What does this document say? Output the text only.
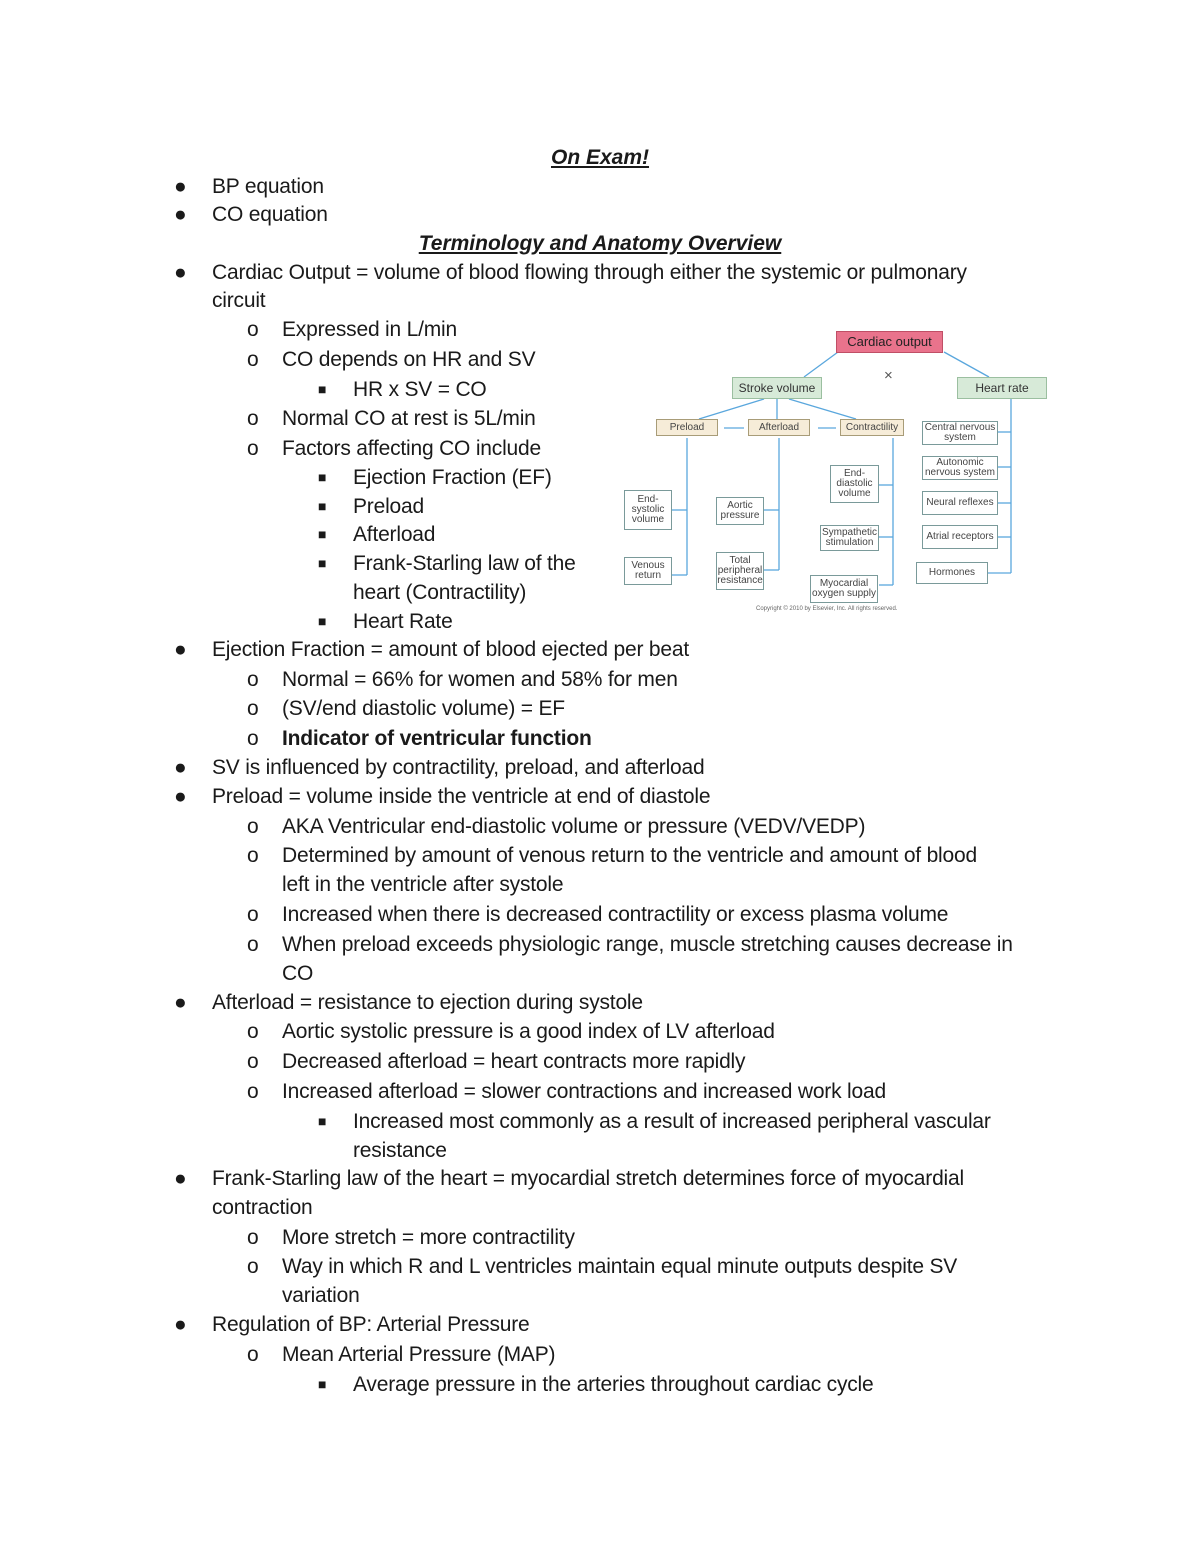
On Exam!
● BP equation
● CO equation
Terminology and Anatomy Overview
● Cardiac Output = volume of blood flowing through either the systemic or pulmonary
circuit
o Expressed in L/min
o CO depends on HR and SV
■ HR x SV = CO
o Normal CO at rest is 5L/min
o Factors affecting CO include
■ Ejection Fraction (EF)
■ Preload
■ Afterload
■ Frank-Starling law of the
heart (Contractility)
■ Heart Rate
● Ejection Fraction = amount of blood ejected per beat
o Normal = 66% for women and 58% for men
o (SV/end diastolic volume) = EF
o Indicator of ventricular function
● SV is influenced by contractility, preload, and afterload
● Preload = volume inside the ventricle at end of diastole
o AKA Ventricular end-diastolic volume or pressure (VEDV/VEDP)
o Determined by amount of venous return to the ventricle and amount of blood
left in the ventricle after systole
o Increased when there is decreased contractility or excess plasma volume
o When preload exceeds physiologic range, muscle stretching causes decrease in
CO
● Afterload = resistance to ejection during systole
o Aortic systolic pressure is a good index of LV afterload
o Decreased afterload = heart contracts more rapidly
o Increased afterload = slower contractions and increased work load
■ Increased most commonly as a result of increased peripheral vascular
resistance
● Frank-Starling law of the heart = myocardial stretch determines force of myocardial
contraction
o More stretch = more contractility
o Way in which R and L ventricles maintain equal minute outputs despite SV
variation
● Regulation of BP: Arterial Pressure
o Mean Arterial Pressure (MAP)
■ Average pressure in the arteries throughout cardiac cycle
Cardiac output
×
Stroke volume	Heart rate
Preload	Afterload	Contractility
End-systolic volume
Venous return
Aortic pressure
Total peripheral resistance
End-diastolic volume
Sympathetic stimulation
Myocardial oxygen supply
Central nervous system
Autonomic nervous system
Neural reflexes
Atrial receptors
Hormones
Copyright © 2010 by Elsevier, Inc. All rights reserved.
